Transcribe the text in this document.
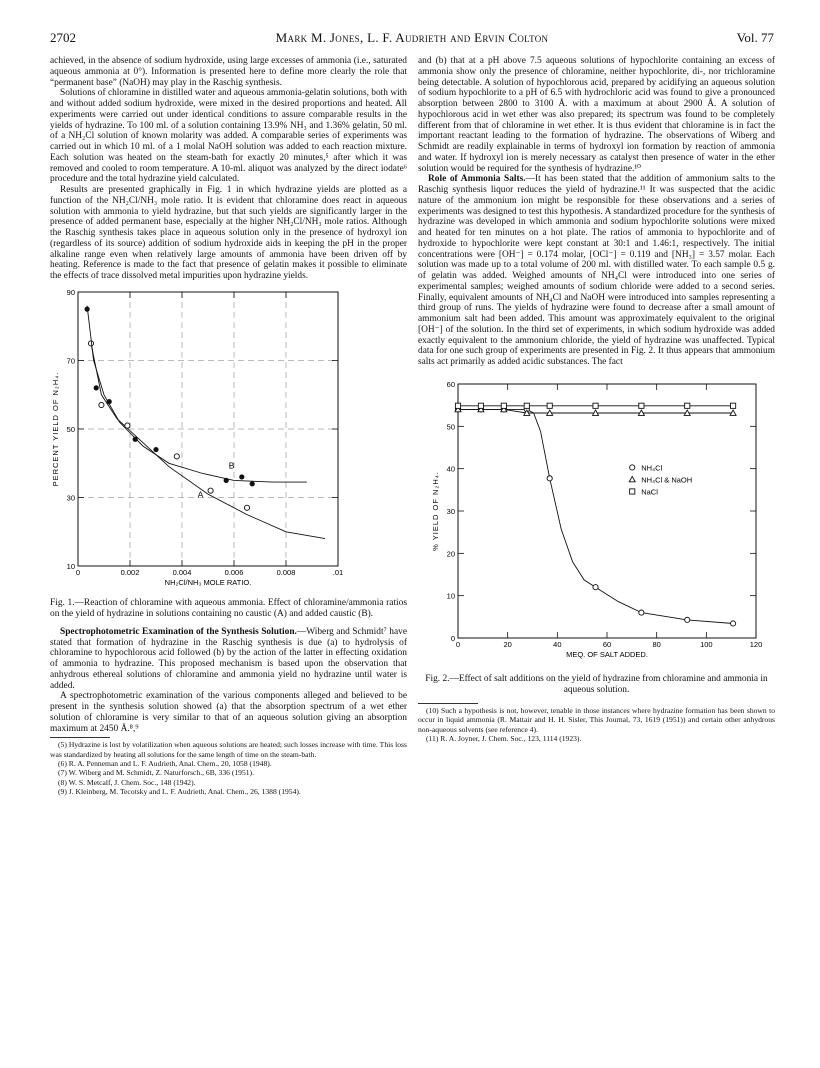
2702	Mark M. Jones, L. F. Audrieth and Ervin Colton	Vol. 77

achieved, in the absence of sodium hydroxide, using large excesses of ammonia (i.e., saturated aqueous ammonia at 0°). Information is presented here to define more clearly the role that “permanent base” (NaOH) may play in the Raschig synthesis.

Solutions of chloramine in distilled water and aqueous ammonia-gelatin solutions, both with and without added sodium hydroxide, were mixed in the desired proportions and heated. All experiments were carried out under identical conditions to assure comparable results in the yields of hydrazine. To 100 ml. of a solution containing 13.9% NH₃ and 1.36% gelatin, 50 ml. of a NH₂Cl solution of known molarity was added. A comparable series of experiments was carried out in which 10 ml. of a 1 molal NaOH solution was added to each reaction mixture. Each solution was heated on the steam-bath for exactly 20 minutes,⁵ after which it was removed and cooled to room temperature. A 10-ml. aliquot was analyzed by the direct iodate⁶ procedure and the total hydrazine yield calculated.

Results are presented graphically in Fig. 1 in which hydrazine yields are plotted as a function of the NH₂Cl/NH₃ mole ratio. It is evident that chloramine does react in aqueous solution with ammonia to yield hydrazine, but that such yields are significantly larger in the presence of added permanent base, especially at the higher NH₂Cl/NH₃ mole ratios. Although the Raschig synthesis takes place in aqueous solution only in the presence of hydroxyl ion (regardless of its source) addition of sodium hydroxide aids in keeping the pH in the proper alkaline range even when relatively large amounts of ammonia have been driven off by heating. Reference is made to the fact that presence of gelatin makes it possible to eliminate the effects of trace dissolved metal impurities upon hydrazine yields.

0	0.002	0.004	0.006	0.008	.01
10
30
50
70
90
NH₂Cl/NH₃ MOLE RATIO.
PERCENT YIELD OF N₂H₄.	B
A
Fig. 1.—Reaction of chloramine with aqueous ammonia. Effect of chloramine/ammonia ratios on the yield of hydrazine in solutions containing no caustic (A) and added caustic (B).

Spectrophotometric Examination of the Synthesis Solution.—Wiberg and Schmidt⁷ have stated that formation of hydrazine in the Raschig synthesis is due (a) to hydrolysis of chloramine to hypochlorous acid followed (b) by the action of the latter in effecting oxidation of ammonia to hydrazine. This proposed mechanism is based upon the observation that anhydrous ethereal solutions of chloramine and ammonia yield no hydrazine until water is added.

A spectrophotometric examination of the various components alleged and believed to be present in the synthesis solution showed (a) that the absorption spectrum of a wet ether solution of chloramine is very similar to that of an aqueous solution giving an absorption maximum at 2450 Å.⁸,⁹

(5) Hydrazine is lost by volatilization when aqueous solutions are heated; such losses increase with time. This loss was standardized by heating all solutions for the same length of time on the steam-bath.

(6) R. A. Penneman and L. F. Audrieth, Anal. Chem., 20, 1058 (1948).

(7) W. Wiberg and M. Schmidt, Z. Naturforsch., 6B, 336 (1951).

(8) W. S. Metcalf, J. Chem. Soc., 148 (1942).

(9) J. Kleinberg, M. Tecotsky and L. F. Audrieth, Anal. Chem., 26, 1388 (1954).

and (b) that at a pH above 7.5 aqueous solutions of hypochlorite containing an excess of ammonia show only the presence of chloramine, neither hypochlorite, di-, nor trichloramine being detectable. A solution of hypochlorous acid, prepared by acidifying an aqueous solution of sodium hypochlorite to a pH of 6.5 with hydrochloric acid was found to give a pronounced absorption between 2800 to 3100 Å. with a maximum at about 2900 Å. A solution of hypochlorous acid in wet ether was also prepared; its spectrum was found to be completely different from that of chloramine in wet ether. It is thus evident that chloramine is in fact the important reactant leading to the formation of hydrazine. The observations of Wiberg and Schmidt are readily explainable in terms of hydroxyl ion formation by reaction of ammonia and water. If hydroxyl ion is merely necessary as catalyst then presence of water in the ether solution would be required for the synthesis of hydrazine.¹⁰

Role of Ammonia Salts.—It has been stated that the addition of ammonium salts to the Raschig synthesis liquor reduces the yield of hydrazine.¹¹ It was suspected that the acidic nature of the ammonium ion might be responsible for these observations and a series of experiments was designed to test this hypothesis. A standardized procedure for the synthesis of hydrazine was developed in which ammonia and sodium hypochlorite solutions were mixed and heated for ten minutes on a hot plate. The ratios of ammonia to hypochlorite and of hydroxide to hypochlorite were kept constant at 30:1 and 1.46:1, respectively. The initial concentrations were [OH⁻] = 0.174 molar, [OCl⁻] = 0.119 and [NH₃] = 3.57 molar. Each solution was made up to a total volume of 200 ml. with distilled water. To each sample 0.5 g. of gelatin was added. Weighed amounts of NH₄Cl were introduced into one series of experimental samples; weighed amounts of sodium chloride were added to a second series. Finally, equivalent amounts of NH₄Cl and NaOH were introduced into samples representing a third group of runs. The yields of hydrazine were found to decrease after a small amount of ammonium salt had been added. This amount was approximately equivalent to the original [OH⁻] of the solution. In the third set of experiments, in which sodium hydroxide was added exactly equivalent to the ammonium chloride, the yield of hydrazine was unaffected. Typical data for one such group of experiments are presented in Fig. 2. It thus appears that ammonium salts act primarily as added acidic substances. The fact

0	20	40	60	80	100	120
0
10
20
30
40
50
60
MEQ. OF SALT ADDED.
% YIELD OF N₂H₄.
NH₄Cl
NH₄Cl & NaOH
NaCl
Fig. 2.—Effect of salt additions on the yield of hydrazine from chloramine and ammonia in aqueous solution.

(10) Such a hypothesis is not, however, tenable in those instances where hydrazine formation has been shown to occur in liquid ammonia (R. Mattair and H. H. Sisler, This Journal, 73, 1619 (1951)) and certain other anhydrous non-aqueous solvents (see reference 4).

(11) R. A. Joyner, J. Chem. Soc., 123, 1114 (1923).
